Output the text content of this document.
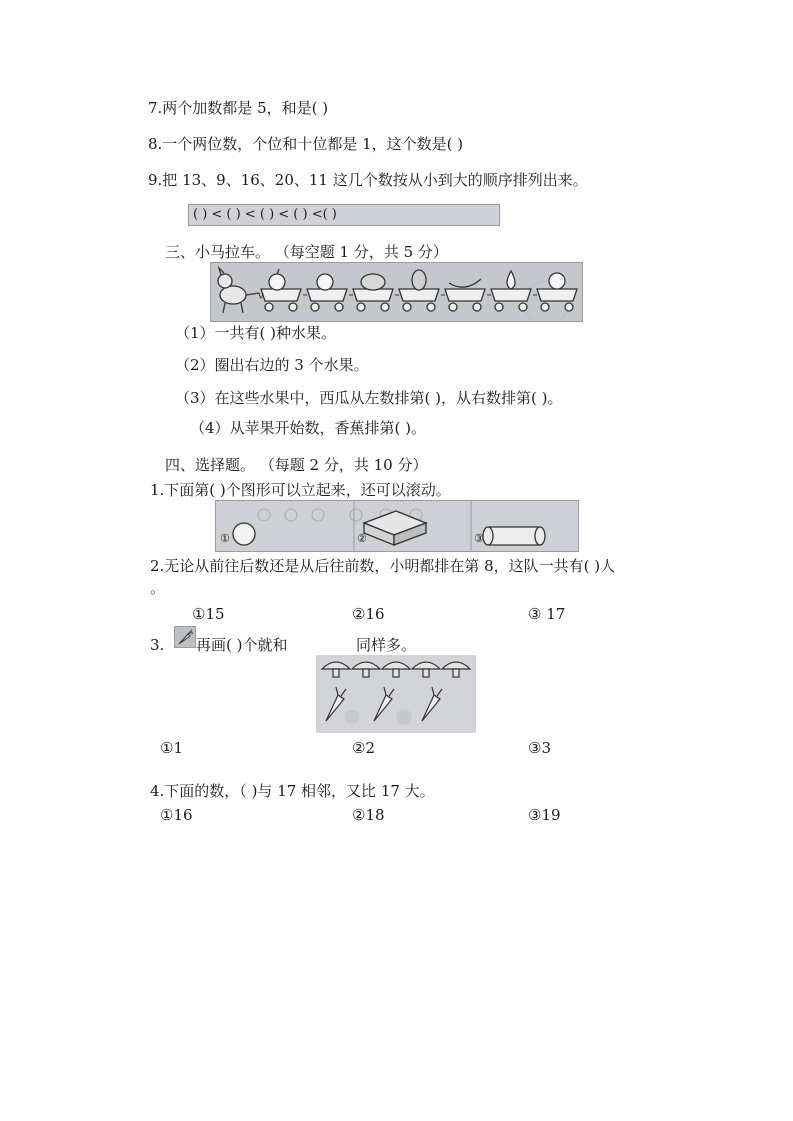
7.两个加数都是 5，和是( )
8.一个两位数，个位和十位都是 1，这个数是( )
9.把 13、9、16、20、11 这几个数按从小到大的顺序排列出来。
( ) < ( ) < ( ) < ( ) <( )
三、小马拉车。 （每空题 1 分，共 5 分）
（1）一共有( )种水果。
（2）圈出右边的 3 个水果。
（3）在这些水果中，西瓜从左数排第( )，从右数排第( )。
（4）从苹果开始数，香蕉排第( )。
四、选择题。 （每题 2 分，共 10 分）
1.下面第( )个图形可以立起来，还可以滚动。
①	②	③
2.无论从前往后数还是从后往前数，小明都排在第 8，这队一共有( )人
。
①15	②16	③ 17
3. 再画( )个就和	同样多。
①1	②2	③3
4.下面的数，（ )与 17 相邻，又比 17 大。
①16	②18	③19
